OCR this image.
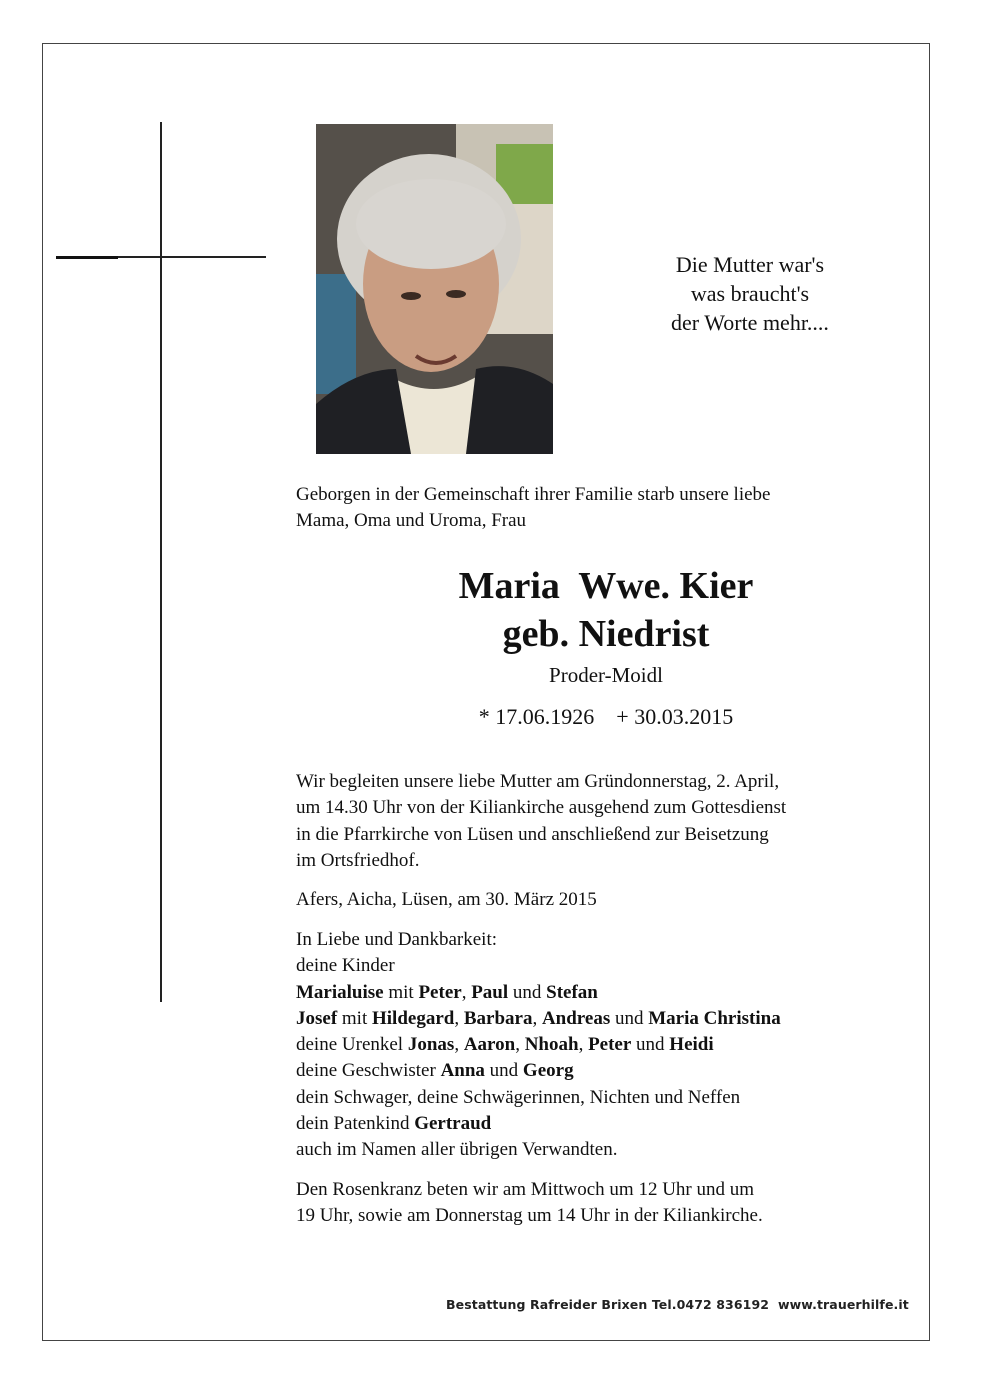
Die Mutter war's
was braucht's
der Worte mehr....
Geborgen in der Gemeinschaft ihrer Familie starb unsere liebe
Mama, Oma und Uroma, Frau
Maria  Wwe. Kier
geb. Niedrist
Proder-Moidl
* 17.06.1926    + 30.03.2015
Wir begleiten unsere liebe Mutter am Gründonnerstag, 2. April,
um 14.30 Uhr von der Kiliankirche ausgehend zum Gottesdienst
in die Pfarrkirche von Lüsen und anschließend zur Beisetzung
im Ortsfriedhof.
Afers, Aicha, Lüsen, am 30. März 2015
In Liebe und Dankbarkeit:
deine Kinder
Marialuise mit Peter, Paul und Stefan
Josef mit Hildegard, Barbara, Andreas und Maria Christina
deine Urenkel Jonas, Aaron, Nhoah, Peter und Heidi
deine Geschwister Anna und Georg
dein Schwager, deine Schwägerinnen, Nichten und Neffen
dein Patenkind Gertraud
auch im Namen aller übrigen Verwandten.
Den Rosenkranz beten wir am Mittwoch um 12 Uhr und um
19 Uhr, sowie am Donnerstag um 14 Uhr in der Kiliankirche.
Bestattung Rafreider Brixen Tel.0472 836192  www.trauerhilfe.it
